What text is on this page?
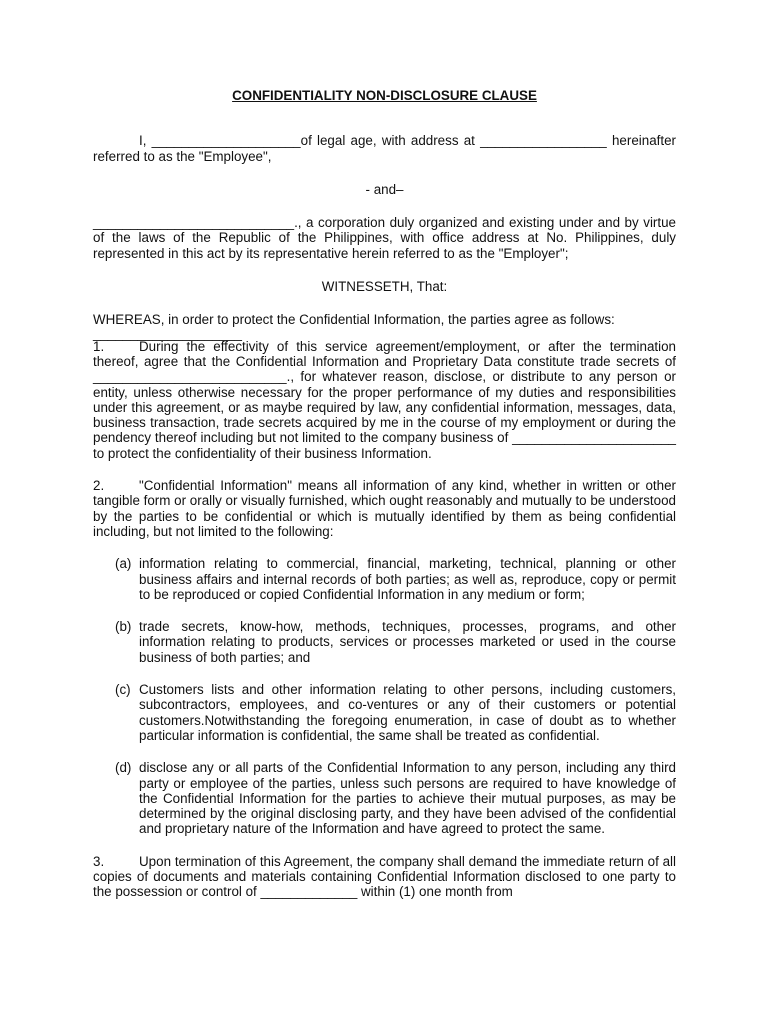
CONFIDENTIALITY NON-DISCLOSURE CLAUSE

I, ____________________of legal age, with address at _________________ hereinafter referred to as the "Employee",

- and–

___________________________., a corporation duly organized and existing under and by virtue of the laws of the Republic of the Philippines, with office address at No. Philippines, duly represented in this act by its representative herein referred to as the "Employer";

WITNESSETH, That:

WHEREAS, in order to protect the Confidential Information, the parties agree as follows:

____________________

1.	During the effectivity of this service agreement/employment, or after the termination thereof, agree that the Confidential Information and Proprietary Data constitute trade secrets of __________________________., for whatever reason, disclose, or distribute to any person or entity, unless otherwise necessary for the proper performance of my duties and responsibilities under this agreement, or as maybe required by law, any confidential information, messages, data, business transaction, trade secrets acquired by me in the course of my employment or during the pendency thereof including but not limited to the company business of ______________________ to protect the confidentiality of their business Information.

2.	"Confidential Information" means all information of any kind, whether in written or other tangible form or orally or visually furnished, which ought reasonably and mutually to be understood by the parties to be confidential or which is mutually identified by them as being confidential including, but not limited to the following:

(a) information relating to commercial, financial, marketing, technical, planning or other business affairs and internal records of both parties; as well as, reproduce, copy or permit to be reproduced or copied Confidential Information in any medium or form;
(b) trade secrets, know-how, methods, techniques, processes, programs, and other information relating to products, services or processes marketed or used in the course business of both parties; and
(c) Customers lists and other information relating to other persons, including customers, subcontractors, employees, and co-ventures or any of their customers or potential customers.Notwithstanding the foregoing enumeration, in case of doubt as to whether particular information is confidential, the same shall be treated as confidential.
(d) disclose any or all parts of the Confidential Information to any person, including any third party or employee of the parties, unless such persons are required to have knowledge of the Confidential Information for the parties to achieve their mutual purposes, as may be determined by the original disclosing party, and they have been advised of the confidential and proprietary nature of the Information and have agreed to protect the same.

3.	Upon termination of this Agreement, the company shall demand the immediate return of all copies of documents and materials containing Confidential Information disclosed to one party to the possession or control of _____________ within (1) one month from
